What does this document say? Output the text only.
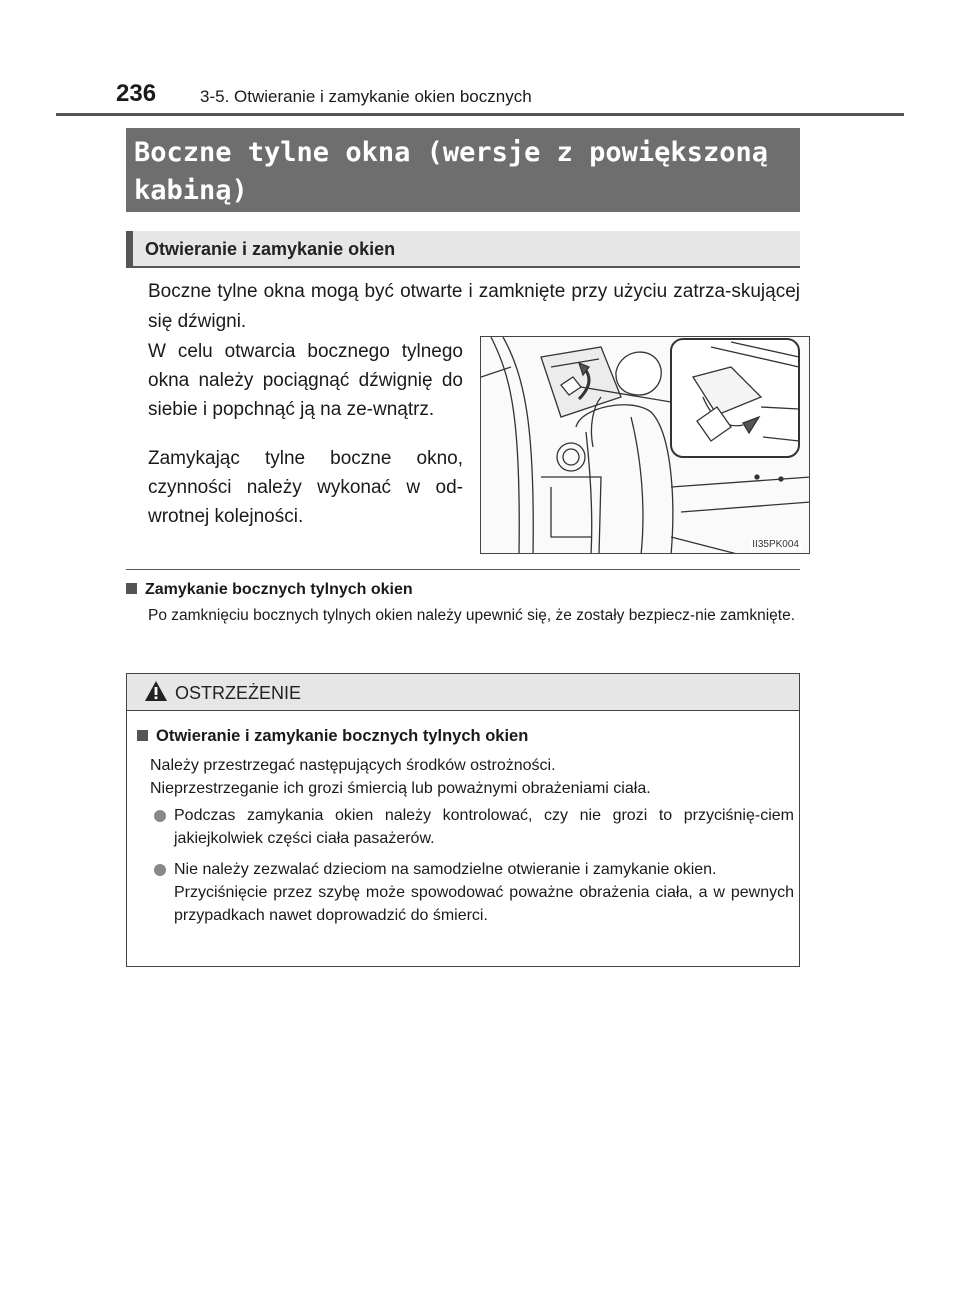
236	3-5. Otwieranie i zamykanie okien bocznych
Boczne tylne okna (wersje z powiększoną
kabiną)
Otwieranie i zamykanie okien
Boczne tylne okna mogą być otwarte i zamknięte przy użyciu zatrza-skującej się dźwigni.
W celu otwarcia bocznego tylnego okna należy pociągnąć dźwignię do siebie i popchnąć ją na ze-wnątrz.
Zamykając tylne boczne okno, czynności należy wykonać w od-wrotnej kolejności.
II35PK004
Zamykanie bocznych tylnych okien
Po zamknięciu bocznych tylnych okien należy upewnić się, że zostały bezpiecz-nie zamknięte.
OSTRZEŻENIE
Otwieranie i zamykanie bocznych tylnych okien
Należy przestrzegać następujących środków ostrożności.
Nieprzestrzeganie ich grozi śmiercią lub poważnymi obrażeniami ciała.
Podczas zamykania okien należy kontrolować, czy nie grozi to przyciśnię-ciem jakiejkolwiek części ciała pasażerów.
Nie należy zezwalać dzieciom na samodzielne otwieranie i zamykanie okien.
Przyciśnięcie przez szybę może spowodować poważne obrażenia ciała, a w pewnych przypadkach nawet doprowadzić do śmierci.
